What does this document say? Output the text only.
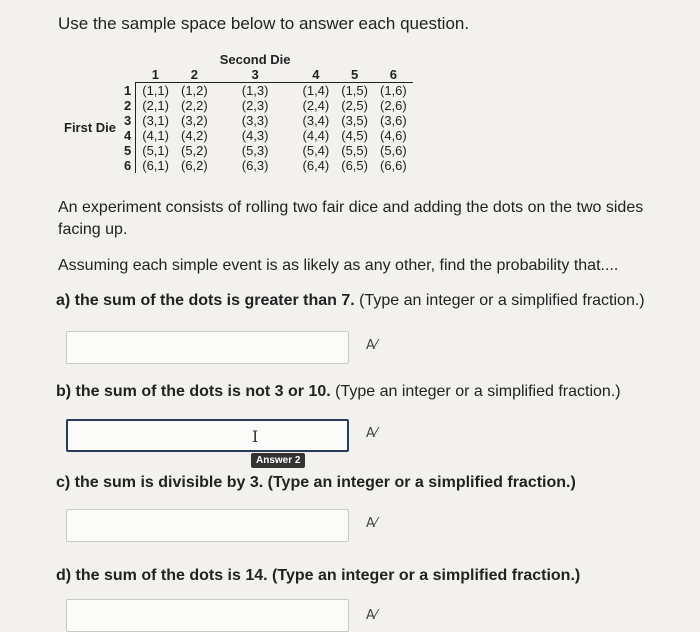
Use the sample space below to answer each question.
				Second Die			
		1	2	3	4	5	6
First Die	1	(1,1)	(1,2)	(1,3)	(1,4)	(1,5)	(1,6)
	2	(2,1)	(2,2)	(2,3)	(2,4)	(2,5)	(2,6)
	3	(3,1)	(3,2)	(3,3)	(3,4)	(3,5)	(3,6)
	4	(4,1)	(4,2)	(4,3)	(4,4)	(4,5)	(4,6)
	5	(5,1)	(5,2)	(5,3)	(5,4)	(5,5)	(5,6)
	6	(6,1)	(6,2)	(6,3)	(6,4)	(6,5)	(6,6)
An experiment consists of rolling two fair dice and adding the dots on the two sides facing up.
Assuming each simple event is as likely as any other, find the probability that....
a) the sum of the dots is greater than 7. (Type an integer or a simplified fraction.)
A⁄
b) the sum of the dots is not 3 or 10. (Type an integer or a simplified fraction.)
I	A⁄
Answer 2
c) the sum is divisible by 3. (Type an integer or a simplified fraction.)
A⁄
d) the sum of the dots is 14. (Type an integer or a simplified fraction.)
A⁄
